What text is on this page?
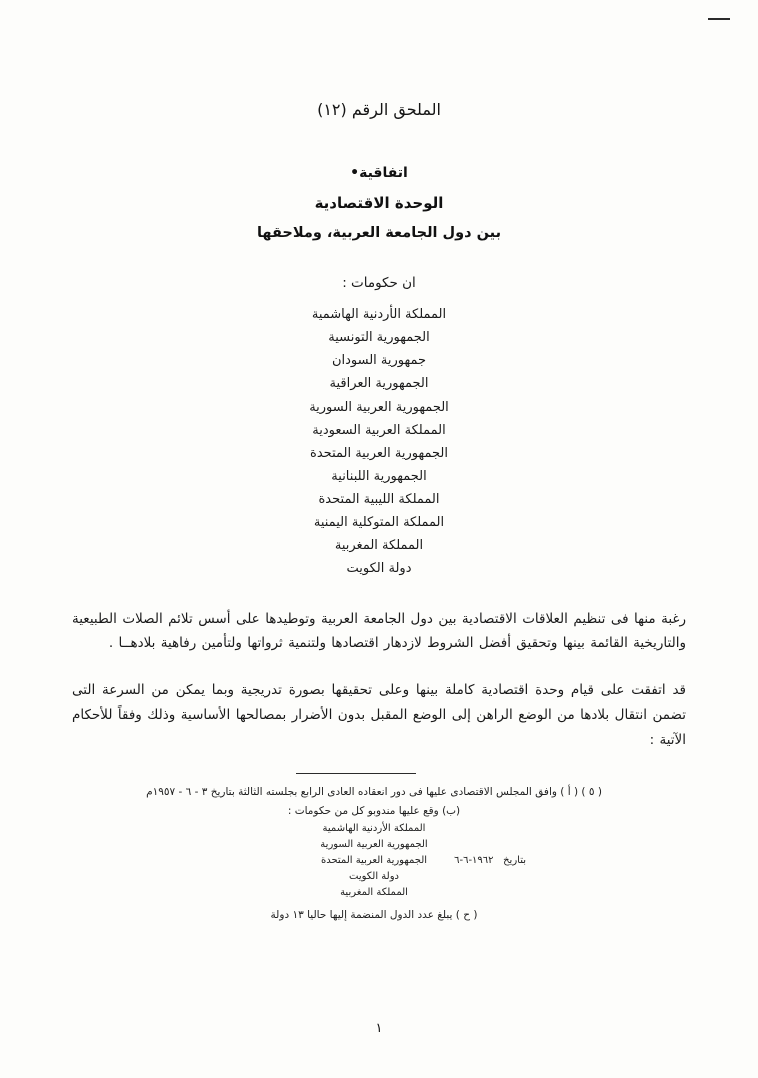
الملحق الرقم (١٢)
اتفاقية•
الوحدة الاقتصادية
بين دول الجامعة العربية، وملاحقها
ان حكومات :
المملكة الأردنية الهاشمية
الجمهورية التونسية
جمهورية السودان
الجمهورية العراقية
الجمهورية العربية السورية
المملكة العربية السعودية
الجمهورية العربية المتحدة
الجمهورية اللبنانية
المملكة الليبية المتحدة
المملكة المتوكلية اليمنية
المملكة المغربية
دولة الكويت

رغبة منها فى تنظيم العلاقات الاقتصادية بين دول الجامعة العربية وتوطيدها على أسس تلائم الصلات الطبيعية والتاريخية القائمة بينها وتحقيق أفضل الشروط لازدهار اقتصادها ولتنمية ثرواتها ولتأمين رفاهية بلادهــا .

قد اتفقت على قيام وحدة اقتصادية كاملة بينها وعلى تحقيقها بصورة تدريجية وبما يمكن من السرعة التى تضمن انتقال بلادها من الوضع الراهن إلى الوضع المقبل بدون الأضرار بمصالحها الأساسية وذلك وفقاً للأحكام الآتية :

( ٥ ) ( أ ) وافق المجلس الاقتصادى عليها فى دور انعقاده العادى الرابع بجلسته الثالثة بتاريخ ٣ - ٦ - ١٩٥٧م
(ب) وقع عليها مندوبو كل من حكومات :
المملكة الأردنية الهاشمية
الجمهورية العربية السورية
بتاريخ   ١٩٦٢-٦-٦
الجمهورية العربية المتحدة
دولة الكويت
المملكة المغربية
( ح ) يبلغ عدد الدول المنضمة إليها حاليا ١٣ دولة
١
